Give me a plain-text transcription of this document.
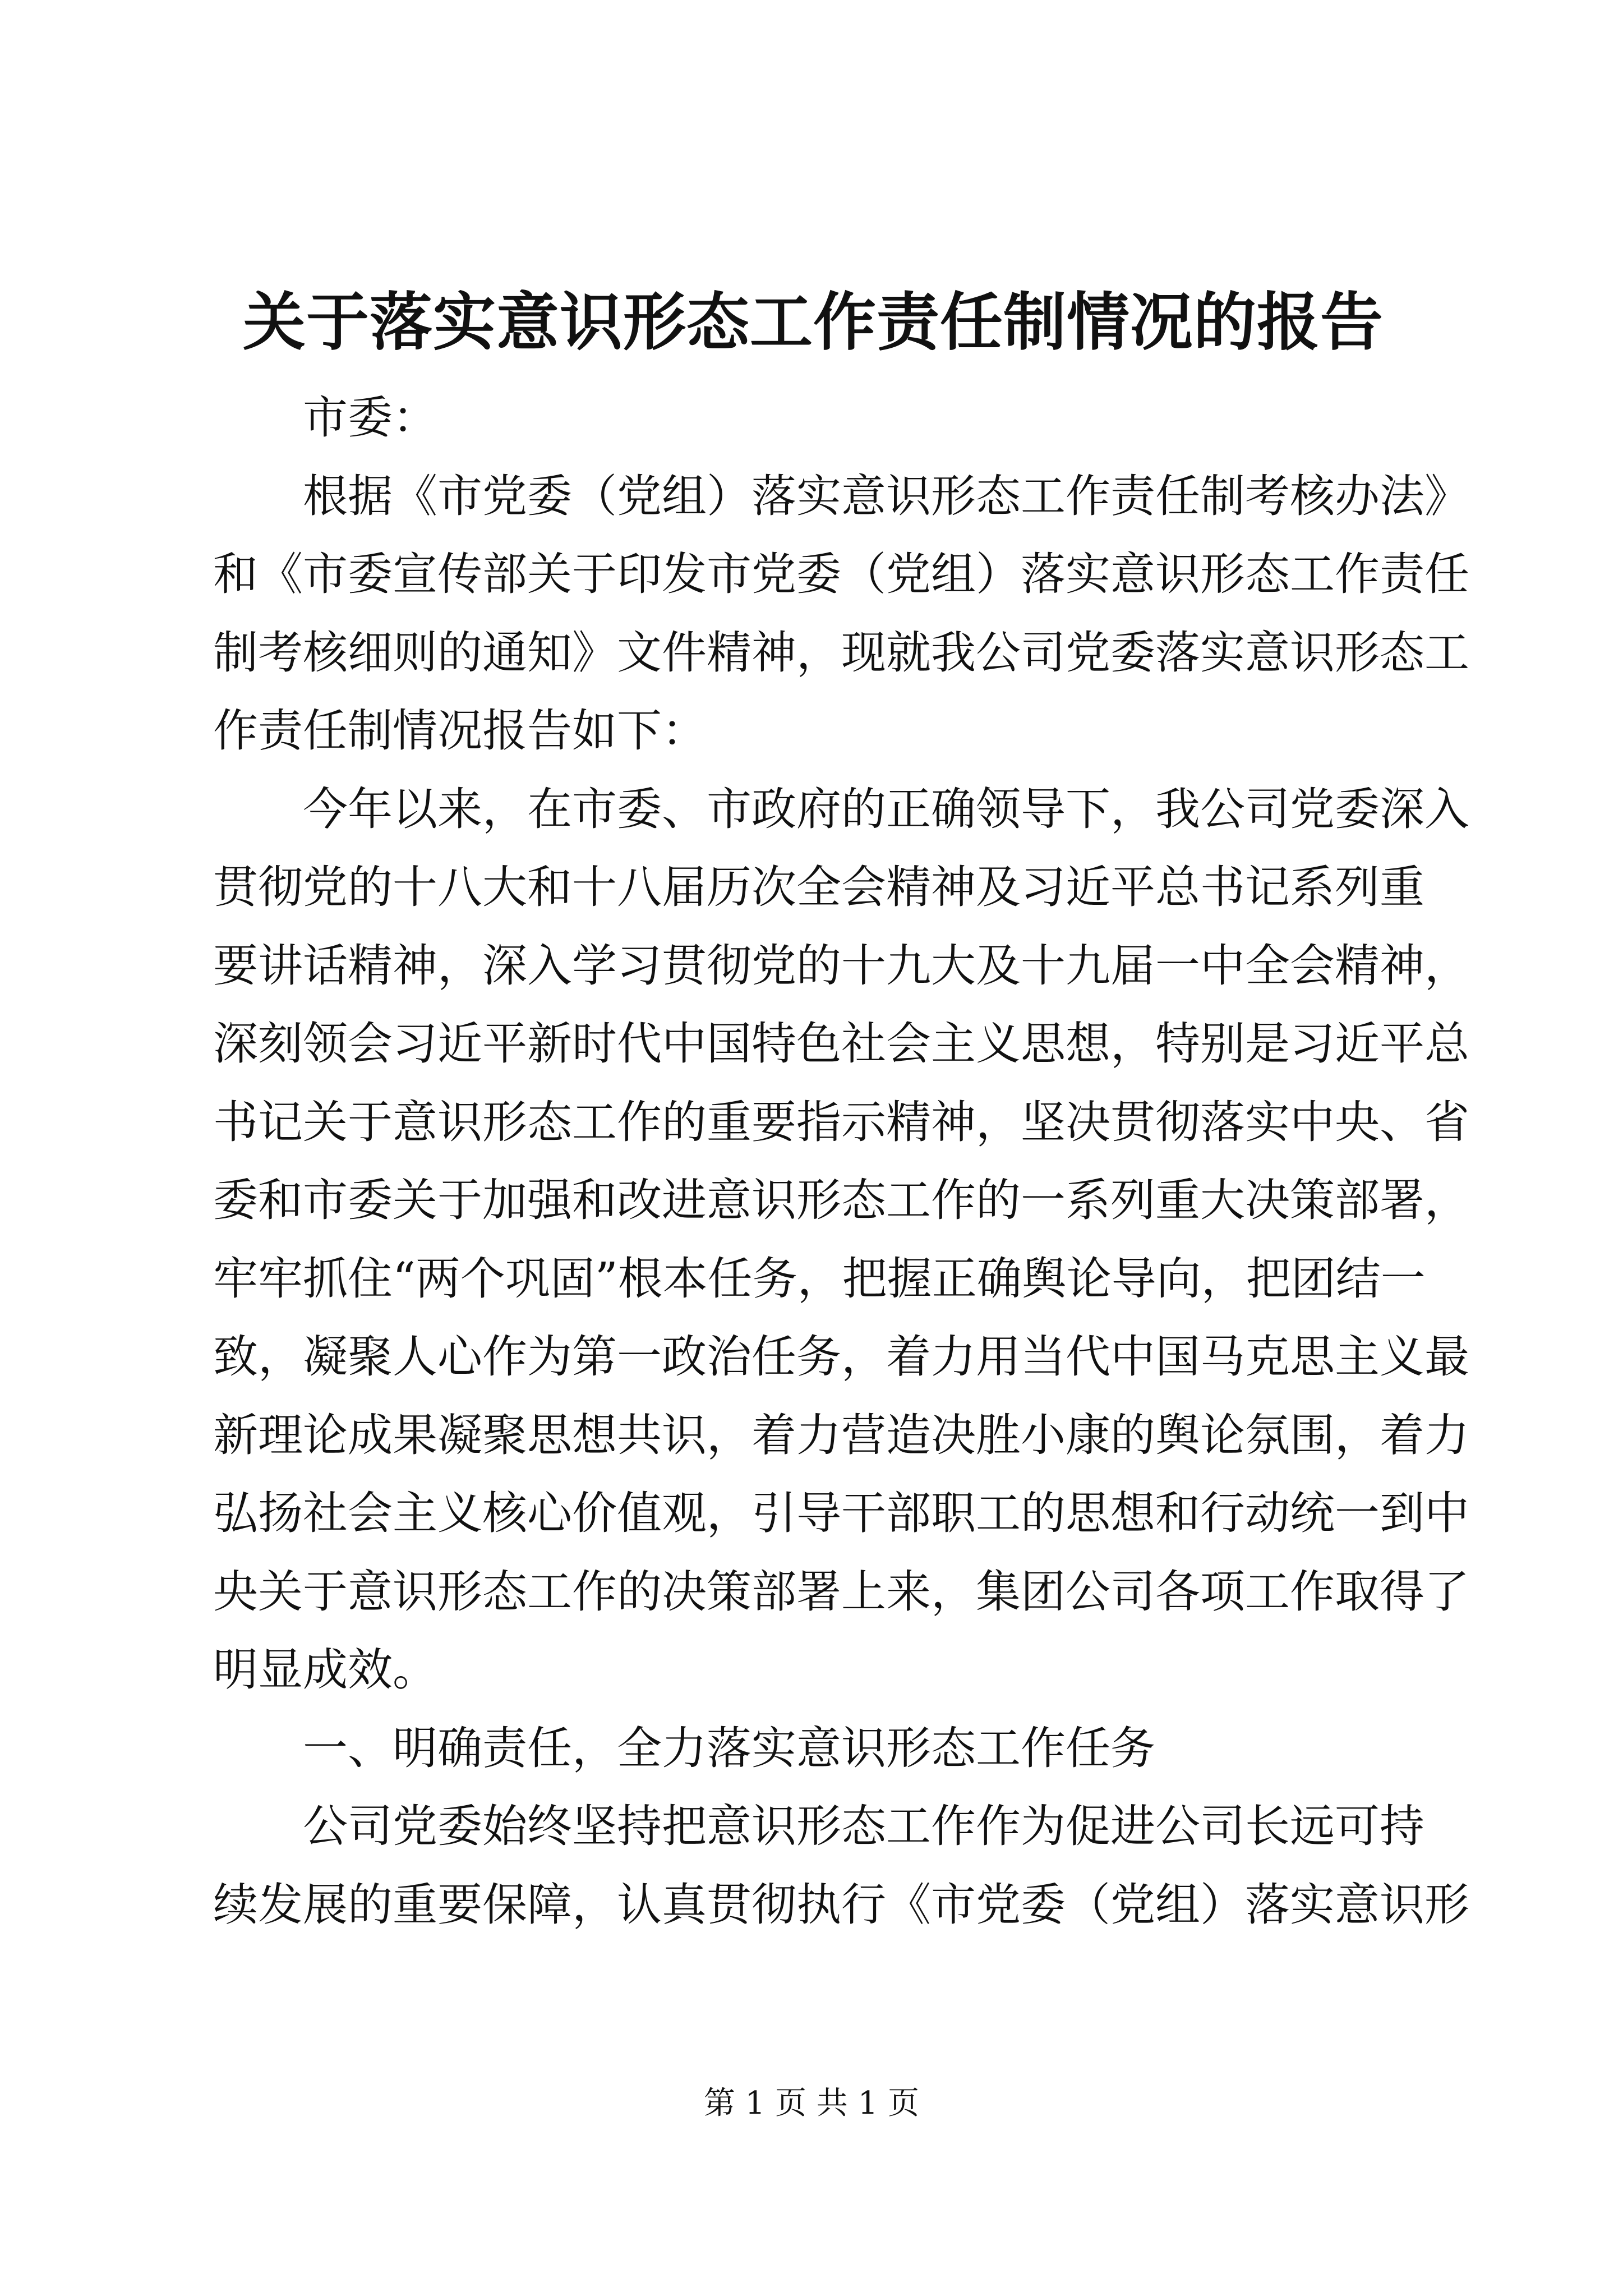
关于落实意识形态工作责任制情况的报告
市委：
根据《市党委（党组）落实意识形态工作责任制考核办法》
和《市委宣传部关于印发市党委（党组）落实意识形态工作责任
制考核细则的通知》文件精神，现就我公司党委落实意识形态工
作责任制情况报告如下：
今年以来，在市委、市政府的正确领导下，我公司党委深入
贯彻党的十八大和十八届历次全会精神及习近平总书记系列重
要讲话精神，深入学习贯彻党的十九大及十九届一中全会精神，
深刻领会习近平新时代中国特色社会主义思想，特别是习近平总
书记关于意识形态工作的重要指示精神，坚决贯彻落实中央、省
委和市委关于加强和改进意识形态工作的一系列重大决策部署，
牢牢抓住“两个巩固”根本任务，把握正确舆论导向，把团结一
致，凝聚人心作为第一政治任务，着力用当代中国马克思主义最
新理论成果凝聚思想共识，着力营造决胜小康的舆论氛围，着力
弘扬社会主义核心价值观，引导干部职工的思想和行动统一到中
央关于意识形态工作的决策部署上来，集团公司各项工作取得了
明显成效。
一、明确责任，全力落实意识形态工作任务
公司党委始终坚持把意识形态工作作为促进公司长远可持
续发展的重要保障，认真贯彻执行《市党委（党组）落实意识形
第 1 页 共 1 页
